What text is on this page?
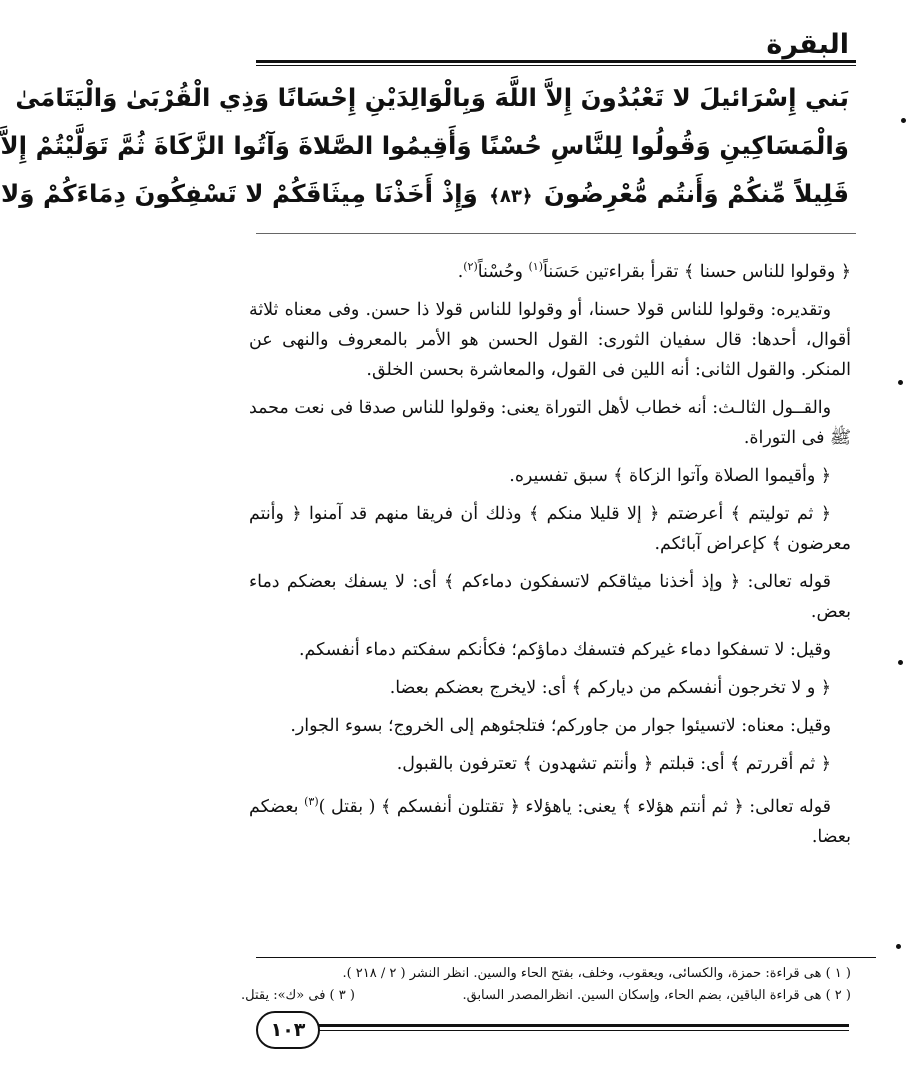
البقرة
بَني إِسْرَائيلَ لا تَعْبُدُونَ إِلاَّ اللَّهَ وَبِالْوَالِدَيْنِ إِحْسَانًا وَذِي الْقُرْبَىٰ وَالْيَتَامَىٰ
وَالْمَسَاكِينِ وَقُولُوا لِلنَّاسِ حُسْنًا وَأَقِيمُوا الصَّلاةَ وَآتُوا الزَّكَاةَ ثُمَّ تَوَلَّيْتُمْ إِلاَّ
قَلِيلاً مِّنكُمْ وَأَنتُم مُّعْرِضُونَ ﴿٨٣﴾ وَإِذْ أَخَذْنَا مِيثَاقَكُمْ لا تَسْفِكُونَ دِمَاءَكُمْ وَلا

﴿ وقولوا للناس حسنا ﴾ تقرأ بقراءتين حَسَناً$^{(١)}$ وحُسْناً$^{(٢)}$.

وتقديره: وقولوا للناس قولا حسنا، أو وقولوا للناس قولا ذا حسن. وفى معناه ثلاثة أقوال، أحدها: قال سفيان الثورى: القول الحسن هو الأمر بالمعروف والنهى عن المنكر. والقول الثانى: أنه اللين فى القول، والمعاشرة بحسن الخلق.

والقــول الثالـث: أنه خطاب لأهل التوراة يعنى: وقولوا للناس صدقا فى نعت محمد ﷺ فى التوراة.

﴿ وأقيموا الصلاة وآتوا الزكاة ﴾ سبق تفسيره.

﴿ ثم توليتم ﴾ أعرضتم ﴿ إلا قليلا منكم ﴾ وذلك أن فريقا منهم قد آمنوا ﴿ وأنتم معرضون ﴾ كإعراض آبائكم.

قوله تعالى: ﴿ وإذ أخذنا ميثاقكم لاتسفكون دماءكم ﴾ أى: لا يسفك بعضكم دماء بعض.

وقيل: لا تسفكوا دماء غيركم فتسفك دماؤكم؛ فكأنكم سفكتم دماء أنفسكم.

﴿ و لا تخرجون أنفسكم من دياركم ﴾ أى: لايخرج بعضكم بعضا.

وقيل: معناه: لاتسيئوا جوار من جاوركم؛ فتلجئوهم إلى الخروج؛ بسوء الجوار.

﴿ ثم أقررتم ﴾ أى: قبلتم ﴿ وأنتم تشهدون ﴾ تعترفون بالقبول.

قوله تعالى: ﴿ ثم أنتم هؤلاء ﴾ يعنى: ياهؤلاء ﴿ تقتلون أنفسكم ﴾ ( بقتل )$^{(٣)}$ بعضكم بعضا.

( ١ ) هى قراءة: حمزة، والكسائى، ويعقوب، وخلف، بفتح الحاء والسين. انظر النشر ( ٢ / ٢١٨ ).
( ٢ ) هى قراءة الباقين، بضم الحاء، وإسكان السين. انظرالمصدر السابق.
( ٣ ) فى «ك»: يقتل.
١٠٣
